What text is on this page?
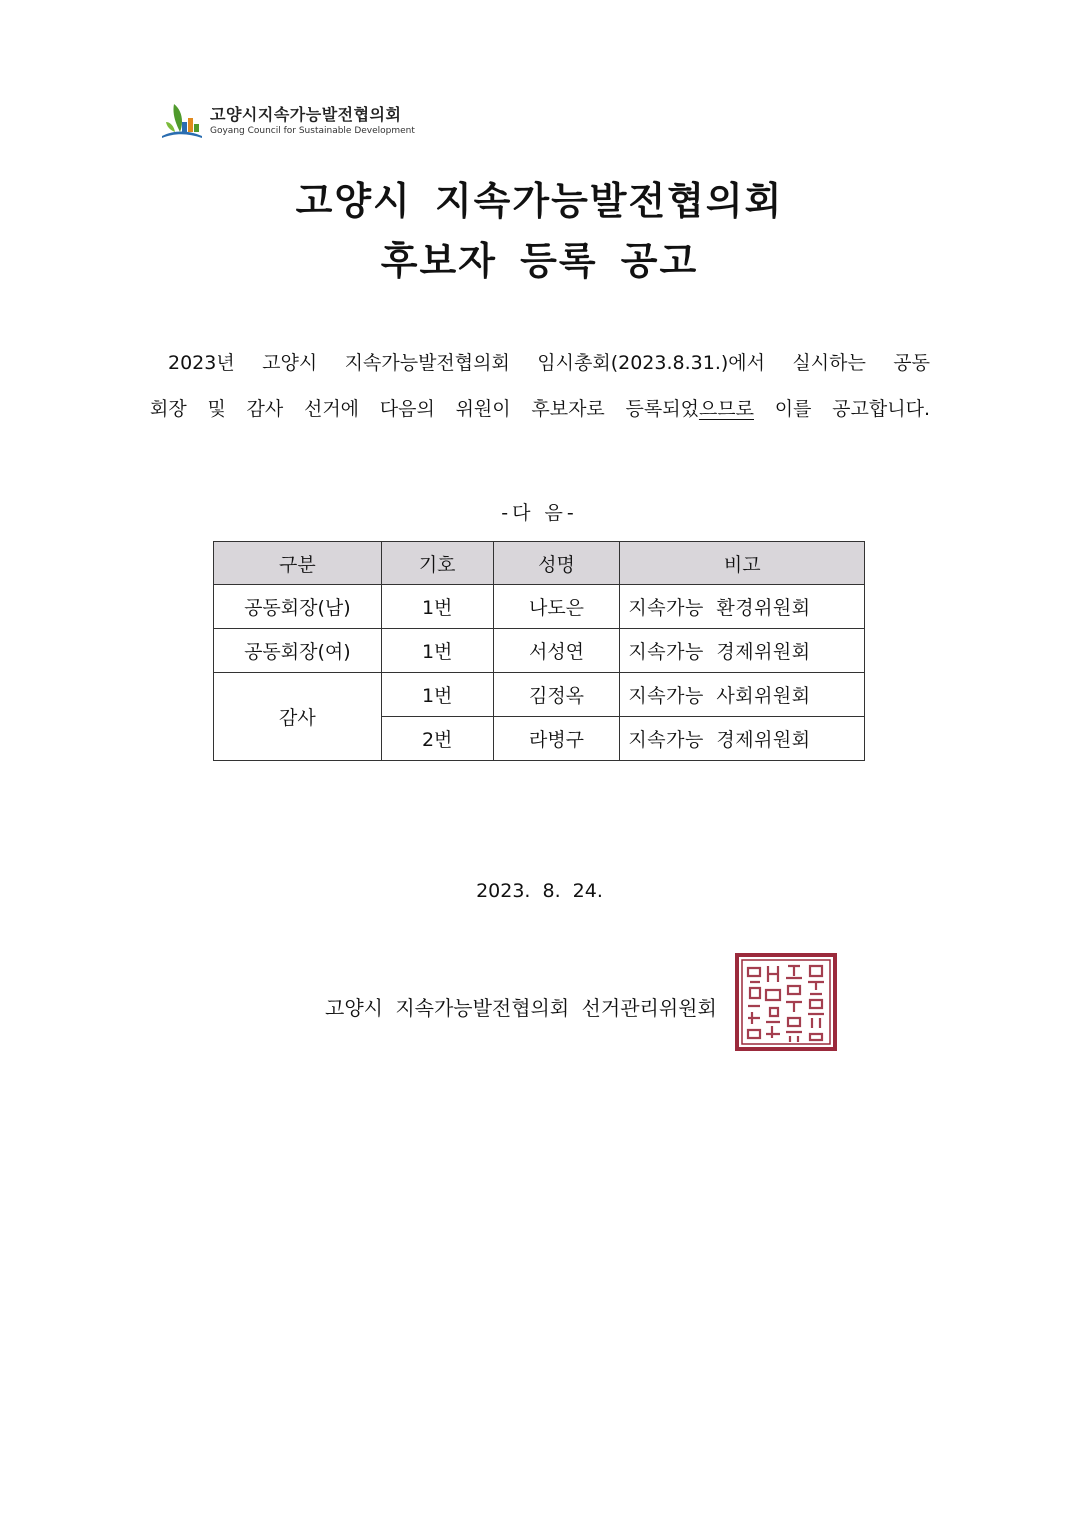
고양시지속가능발전협의회
Goyang Council for Sustainable Development
고양시 지속가능발전협의회
후보자 등록 공고
2023년 고양시 지속가능발전협의회 임시총회(2023.8.31.)에서 실시하는 공동
회장 및 감사 선거에 다음의 위원이 후보자로 등록되었으므로 이를 공고합니다.
-다 음-
구분	기호	성명	비고
공동회장(남)	1번	나도은	지속가능 환경위원회
공동회장(여)	1번	서성연	지속가능 경제위원회
감사	1번	김정옥	지속가능 사회위원회
	2번	라병구	지속가능 경제위원회
2023. 8. 24.
고양시 지속가능발전협의회 선거관리위원회
